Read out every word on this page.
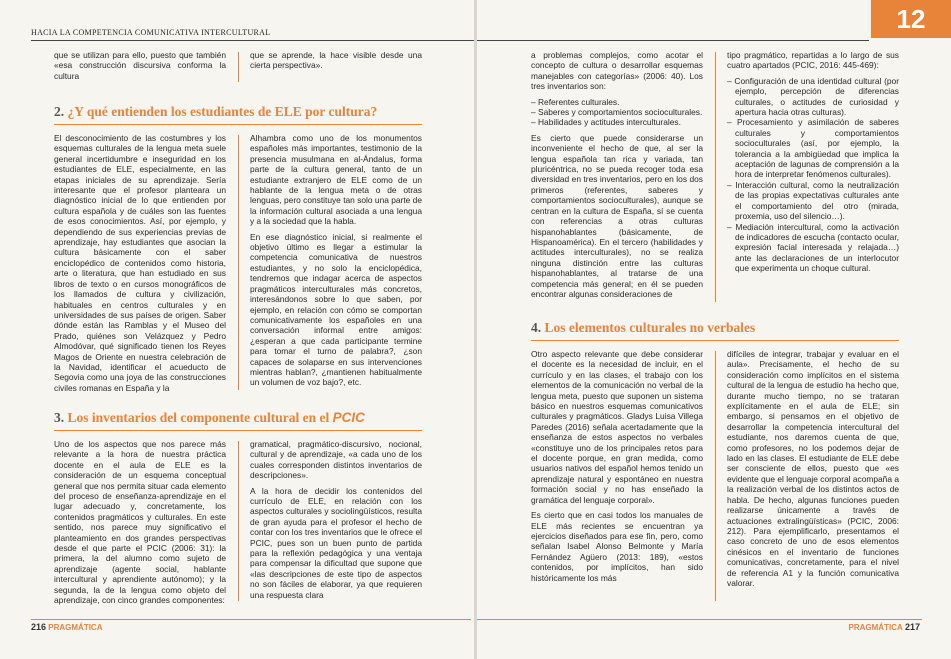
HACIA LA COMPETENCIA COMUNICATIVA INTERCULTURAL

que se utilizan para ello, puesto que también «esa construcción discursiva conforma la cultura

que se aprende, la hace visible desde una cierta perspectiva».

2. ¿Y qué entienden los estudiantes de ELE por cultura?

El desconocimiento de las costumbres y los esquemas culturales de la lengua meta suele general incertidumbre e inseguridad en los estudiantes de ELE, especialmente, en las etapas iniciales de su aprendizaje. Sería interesante que el profesor planteara un diagnóstico inicial de lo que entienden por cultura española y de cuáles son las fuentes de esos conocimientos. Así, por ejemplo, y dependiendo de sus experiencias previas de aprendizaje, hay estudiantes que asocian la cultura básicamente con el saber enciclopédico de contenidos como historia, arte o literatura, que han estudiado en sus libros de texto o en cursos monográficos de los llamados de cultura y civilización, habituales en centros culturales y en universidades de sus países de origen. Saber dónde están las Ramblas y el Museo del Prado, quiénes son Velázquez y Pedro Almodóvar, qué significado tienen los Reyes Magos de Oriente en nuestra celebración de la Navidad, identificar el acueducto de Segovia como una joya de las construcciones civiles romanas en España y la

Alhambra como uno de los monumentos españoles más importantes, testimonio de la presencia musulmana en al-Ándalus, forma parte de la cultura general, tanto de un estudiante extranjero de ELE como de un hablante de la lengua meta o de otras lenguas, pero constituye tan solo una parte de la información cultural asociada a una lengua y a la sociedad que la habla.

En ese diagnóstico inicial, si realmente el objetivo último es llegar a estimular la competencia comunicativa de nuestros estudiantes, y no solo la enciclopédica, tendremos que indagar acerca de aspectos pragmáticos interculturales más concretos, interesándonos sobre lo que saben, por ejemplo, en relación con cómo se comportan comunicativamente los españoles en una conversación informal entre amigos: ¿esperan a que cada participante termine para tomar el turno de palabra?, ¿son capaces de solaparse en sus intervenciones mientras hablan?, ¿mantienen habitualmente un volumen de voz bajo?, etc.

3. Los inventarios del componente cultural en el PCIC

Uno de los aspectos que nos parece más relevante a la hora de nuestra práctica docente en el aula de ELE es la consideración de un esquema conceptual general que nos permita situar cada elemento del proceso de enseñanza-aprendizaje en el lugar adecuado y, concretamente, los contenidos pragmáticos y culturales. En este sentido, nos parece muy significativo el planteamiento en dos grandes perspectivas desde el que parte el PCIC (2006: 31): la primera, la del alumno como sujeto de aprendizaje (agente social, hablante intercultural y aprendiente autónomo); y la segunda, la de la lengua como objeto del aprendizaje, con cinco grandes componentes:

gramatical, pragmático-discursivo, nocional, cultural y de aprendizaje, «a cada uno de los cuales corresponden distintos inventarios de descripciones».

A la hora de decidir los contenidos del currículo de ELE, en relación con los aspectos culturales y sociolingüísticos, resulta de gran ayuda para el profesor el hecho de contar con los tres inventarios que le ofrece el PCIC, pues son un buen punto de partida para la reflexión pedagógica y una ventaja para compensar la dificultad que supone que «las descripciones de este tipo de aspectos no son fáciles de elaborar, ya que requieren una respuesta clara

216 PRAGMÁTICA
12

a problemas complejos, como acotar el concepto de cultura o desarrollar esquemas manejables con categorías» (2006: 40). Los tres inventarios son:

– Referentes culturales.
– Saberes y comportamientos socioculturales.
– Habilidades y actitudes interculturales.

Es cierto que puede considerarse un inconveniente el hecho de que, al ser la lengua española tan rica y variada, tan pluricéntrica, no se pueda recoger toda esa diversidad en tres inventarios, pero en los dos primeros (referentes, saberes y comportamientos socioculturales), aunque se centran en la cultura de España, sí se cuenta con referencias a otras culturas hispanohablantes (básicamente, de Hispanoamérica). En el tercero (habilidades y actitudes interculturales), no se realiza ninguna distinción entre las culturas hispanohablantes, al tratarse de una competencia más general; en él se pueden encontrar algunas consideraciones de

tipo pragmático, repartidas a lo largo de sus cuatro apartados (PCIC, 2016: 445-469):

– Configuración de una identidad cultural (por ejemplo, percepción de diferencias culturales, o actitudes de curiosidad y apertura hacia otras culturas).
– Procesamiento y asimilación de saberes culturales y comportamientos socioculturales (así, por ejemplo, la tolerancia a la ambigüedad que implica la aceptación de lagunas de comprensión a la hora de interpretar fenómenos culturales).
– Interacción cultural, como la neutralización de las propias expectativas culturales ante el comportamiento del otro (mirada, proxemia, uso del silencio…).
– Mediación intercultural, como la activación de indicadores de escucha (contacto ocular, expresión facial interesada y relajada…) ante las declaraciones de un interlocutor que experimenta un choque cultural.
4. Los elementos culturales no verbales

Otro aspecto relevante que debe considerar el docente es la necesidad de incluir, en el currículo y en las clases, el trabajo con los elementos de la comunicación no verbal de la lengua meta, puesto que suponen un sistema básico en nuestros esquemas comunicativos culturales y pragmáticos. Gladys Luisa Villega Paredes (2016) señala acertadamente que la enseñanza de estos aspectos no verbales «constituye uno de los principales retos para el docente porque, en gran medida, como usuarios nativos del español hemos tenido un aprendizaje natural y espontáneo en nuestra formación social y no has enseñado la gramática del lenguaje corporal».

Es cierto que en casi todos los manuales de ELE más recientes se encuentran ya ejercicios diseñados para ese fin, pero, como señalan Isabel Alonso Belmonte y María Fernández Agüero (2013: 189), «estos contenidos, por implícitos, han sido históricamente los más

difíciles de integrar, trabajar y evaluar en el aula». Precisamente, el hecho de su consideración como implícitos en el sistema cultural de la lengua de estudio ha hecho que, durante mucho tiempo, no se trataran explícitamente en el aula de ELE; sin embargo, si pensamos en el objetivo de desarrollar la competencia intercultural del estudiante, nos daremos cuenta de que, como profesores, no los podemos dejar de lado en las clases. El estudiante de ELE debe ser consciente de ellos, puesto que «es evidente que el lenguaje corporal acompaña a la realización verbal de los distintos actos de habla. De hecho, algunas funciones pueden realizarse únicamente a través de actuaciones extralingüísticas» (PCIC, 2006: 212). Para ejemplificarlo, presentamos el caso concreto de uno de esos elementos cinésicos en el inventario de funciones comunicativas, concretamente, para el nivel de referencia A1 y la función comunicativa valorar.

PRAGMÁTICA 217
